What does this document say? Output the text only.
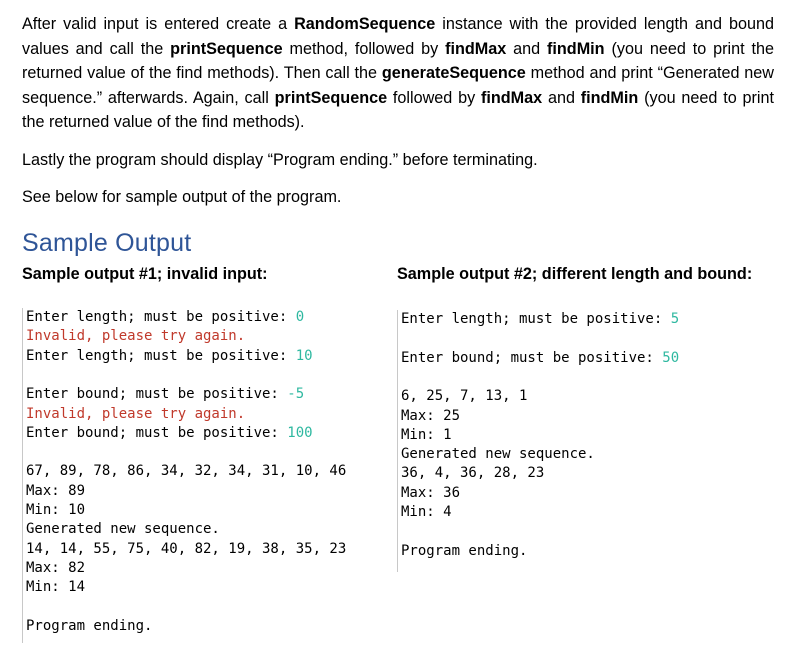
After valid input is entered create a RandomSequence instance with the provided length and bound values and call the printSequence method, followed by findMax and findMin (you need to print the returned value of the find methods). Then call the generateSequence method and print “Generated new sequence.” afterwards. Again, call printSequence followed by findMax and findMin (you need to print the returned value of the find methods).
Lastly the program should display “Program ending.” before terminating.
See below for sample output of the program.
Sample Output
Sample output #1; invalid input:	Sample output #2; different length and bound:
Enter length; must be positive: 0
Invalid, please try again.
Enter length; must be positive: 10
Enter bound; must be positive: -5
Invalid, please try again.
Enter bound; must be positive: 100
67, 89, 78, 86, 34, 32, 34, 31, 10, 46
Max: 89
Min: 10
Generated new sequence.
14, 14, 55, 75, 40, 82, 19, 38, 35, 23
Max: 82
Min: 14
Program ending.
Enter length; must be positive: 5
Enter bound; must be positive: 50
6, 25, 7, 13, 1
Max: 25
Min: 1
Generated new sequence.
36, 4, 36, 28, 23
Max: 36
Min: 4
Program ending.
